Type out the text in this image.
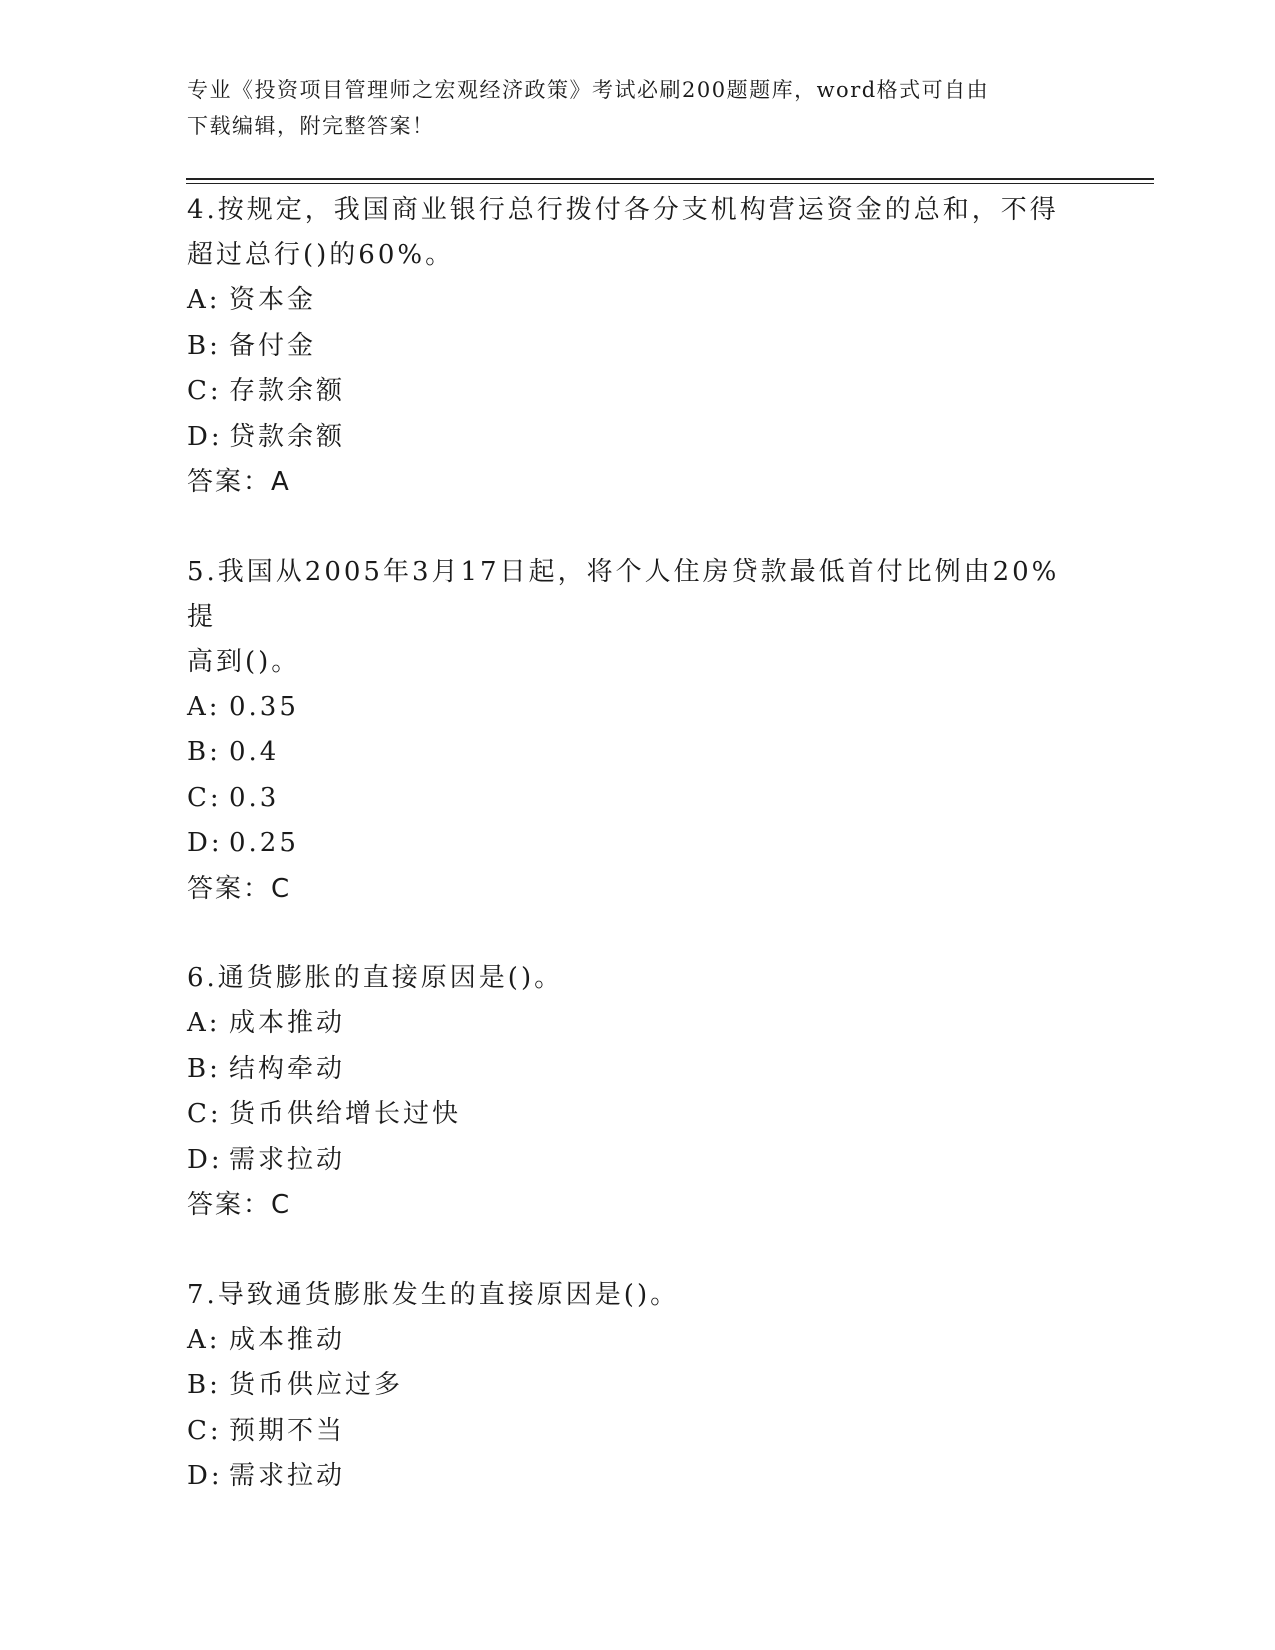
专业《投资项目管理师之宏观经济政策》考试必刷200题题库，word格式可自由
下载编辑，附完整答案！

4.按规定，我国商业银行总行拨付各分支机构营运资金的总和，不得
超过总行()的60%。

A: 资本金
B: 备付金
C: 存款余额
D: 贷款余额

答案：A

5.我国从2005年3月17日起，将个人住房贷款最低首付比例由20%提
高到()。

A: 0.35
B: 0.4
C: 0.3
D: 0.25

答案：C

6.通货膨胀的直接原因是()。

A: 成本推动
B: 结构牵动
C: 货币供给增长过快
D: 需求拉动

答案：C

7.导致通货膨胀发生的直接原因是()。

A: 成本推动
B: 货币供应过多
C: 预期不当
D: 需求拉动
